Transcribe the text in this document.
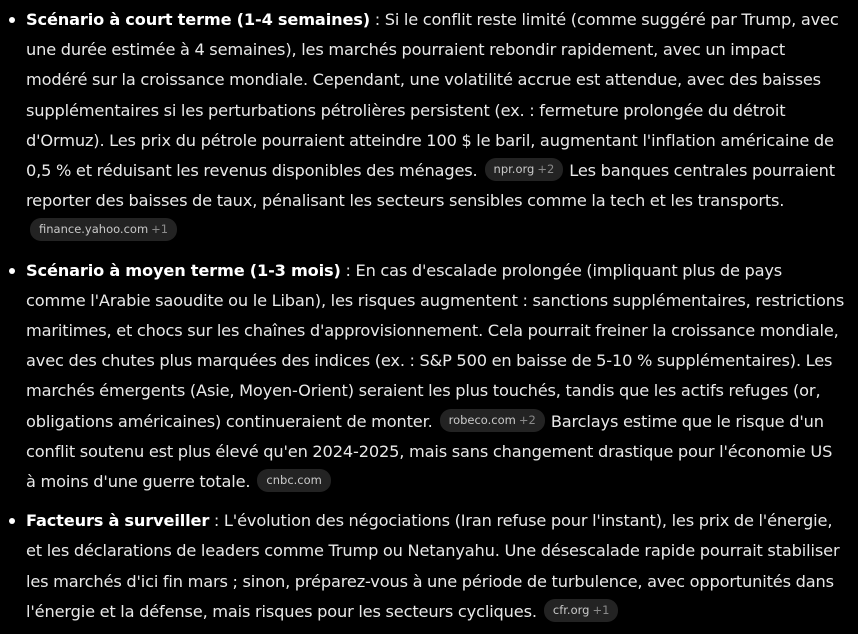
Scénario à court terme (1-4 semaines) : Si le conflit reste limité (comme suggéré par Trump, avec une durée estimée à 4 semaines), les marchés pourraient rebondir rapidement, avec un impact modéré sur la croissance mondiale. Cependant, une volatilité accrue est attendue, avec des baisses supplémentaires si les perturbations pétrolières persistent (ex. : fermeture prolongée du détroit d'Ormuz). Les prix du pétrole pourraient atteindre 100 $ le baril, augmentant l'inflation américaine de 0,5 % et réduisant les revenus disponibles des ménages. npr.org +2 Les banques centrales pourraient reporter des baisses de taux, pénalisant les secteurs sensibles comme la tech et les transports.
finance.yahoo.com +1
Scénario à moyen terme (1-3 mois) : En cas d'escalade prolongée (impliquant plus de pays comme l'Arabie saoudite ou le Liban), les risques augmentent : sanctions supplémentaires, restrictions maritimes, et chocs sur les chaînes d'approvisionnement. Cela pourrait freiner la croissance mondiale, avec des chutes plus marquées des indices (ex. : S&P 500 en baisse de 5-10 % supplémentaires). Les marchés émergents (Asie, Moyen-Orient) seraient les plus touchés, tandis que les actifs refuges (or, obligations américaines) continueraient de monter. robeco.com +2 Barclays estime que le risque d'un conflit soutenu est plus élevé qu'en 2024-2025, mais sans changement drastique pour l'économie US à moins d'une guerre totale. cnbc.com
Facteurs à surveiller : L'évolution des négociations (Iran refuse pour l'instant), les prix de l'énergie, et les déclarations de leaders comme Trump ou Netanyahu. Une désescalade rapide pourrait stabiliser les marchés d'ici fin mars ; sinon, préparez-vous à une période de turbulence, avec opportunités dans l'énergie et la défense, mais risques pour les secteurs cycliques. cfr.org +1
